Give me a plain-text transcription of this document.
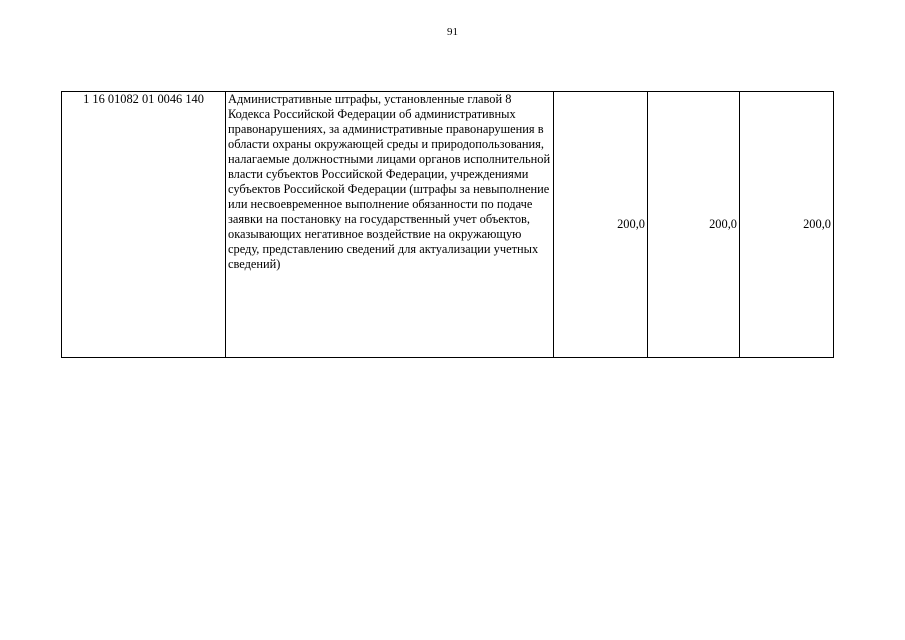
91
1 16 01082 01 0046 140	Административные штрафы, установленные главой 8 Кодекса Российской Федерации об административных правонарушениях, за административные правонарушения в области охраны окружающей среды и природопользования, налагаемые должностными лицами органов исполнительной власти субъектов Российской Федерации, учреждениями субъектов Российской Федерации (штрафы за невыполнение или несвоевременное выполнение обязанности по подаче заявки на постановку на государственный учет объектов, оказывающих негативное воздействие на окружающую среду, представлению сведений для актуализации учетных сведений)	200,0	200,0	200,0
